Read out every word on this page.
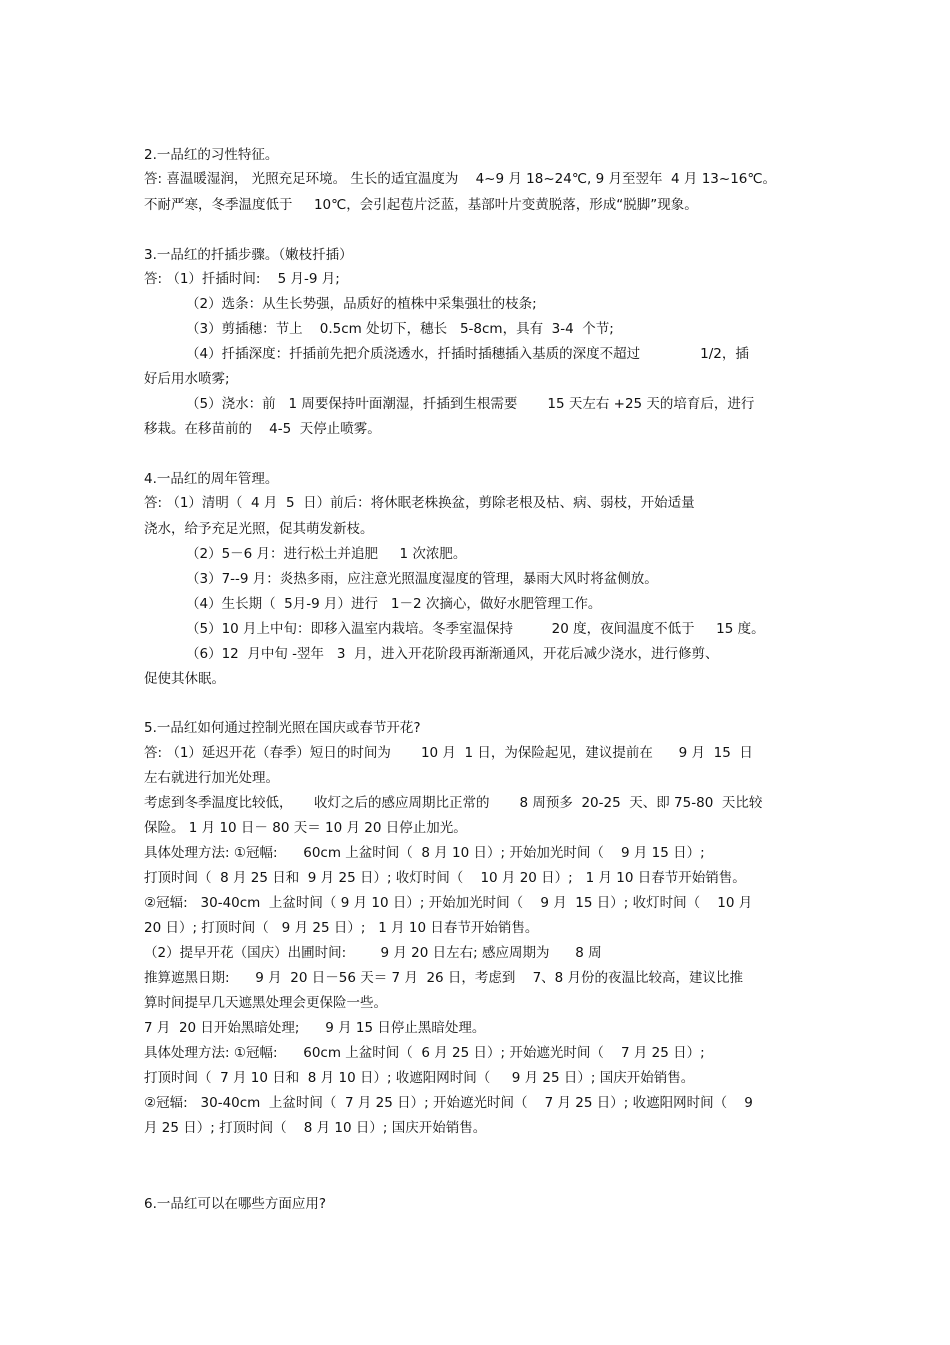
2.一品红的习性特征。
答: 喜温暖湿润， 光照充足环境。 生长的适宜温度为    4~9 月 18~24℃, 9 月至翌年  4 月 13~16℃。
不耐严寒，冬季温度低于     10℃，会引起苞片泛蓝，基部叶片变黄脱落，形成“脱脚”现象。
3.一品红的扦插步骤。（嫩枝扦插）
答: （1）扦插时间:    5 月-9 月;
（2）选条：从生长势强，品质好的植株中采集强壮的枝条;
（3）剪插穗：节上    0.5cm 处切下，穗长   5-8cm，具有  3-4  个节;
（4）扦插深度：扦插前先把介质浇透水，扦插时插穗插入基质的深度不超过              1/2，插
好后用水喷雾;
（5）浇水：前   1 周要保持叶面潮湿，扦插到生根需要       15 天左右 +25 天的培育后，进行
移栽。在移苗前的    4-5  天停止喷雾。
4.一品红的周年管理。
答: （1）清明（  4 月  5  日）前后：将休眠老株换盆，剪除老根及枯、病、弱枝，开始适量
浇水，给予充足光照，促其萌发新枝。
（2）5－6 月：进行松土并追肥     1 次浓肥。
（3）7--9 月：炎热多雨，应注意光照温度湿度的管理，暴雨大风时将盆侧放。
（4）生长期（  5月-9 月）进行   1－2 次摘心，做好水肥管理工作。
（5）10 月上中旬：即移入温室内栽培。冬季室温保持         20 度，夜间温度不低于     15 度。
（6）12  月中旬 -翌年   3  月，进入开花阶段再渐渐通风，开花后减少浇水，进行修剪、
促使其休眠。
5.一品红如何通过控制光照在国庆或春节开花?
答: （1）延迟开花（春季）短日的时间为       10 月  1 日，为保险起见，建议提前在      9 月  15  日
左右就进行加光处理。
考虑到冬季温度比较低，     收灯之后的感应周期比正常的       8 周预多  20-25  天、即 75-80  天比较
保险。 1 月 10 日－ 80 天＝ 10 月 20 日停止加光。
具体处理方法: ①冠幅:      60cm 上盆时间（  8 月 10 日）; 开始加光时间（    9 月 15 日）;
打顶时间（  8 月 25 日和  9 月 25 日）; 收灯时间（    10 月 20 日）;   1 月 10 日春节开始销售。
②冠辐:   30-40cm  上盆时间（ 9 月 10 日）; 开始加光时间（    9 月  15 日）; 收灯时间（    10 月
20 日）; 打顶时间（   9 月 25 日）;   1 月 10 日春节开始销售。
（2）提早开花（国庆）出圃时间:        9 月 20 日左右; 感应周期为      8 周
推算遮黑日期:      9 月  20 日－56 天＝ 7 月  26 日，考虑到    7、8 月份的夜温比较高，建议比推
算时间提早几天遮黑处理会更保险一些。
7 月  20 日开始黑暗处理;      9 月 15 日停止黑暗处理。
具体处理方法: ①冠幅:      60cm 上盆时间（  6 月 25 日）; 开始遮光时间（    7 月 25 日）;
打顶时间（  7 月 10 日和  8 月 10 日）; 收遮阳网时间（     9 月 25 日）; 国庆开始销售。
②冠辐:   30-40cm  上盆时间（  7 月 25 日）; 开始遮光时间（    7 月 25 日）; 收遮阳网时间（    9
月 25 日）; 打顶时间（    8 月 10 日）; 国庆开始销售。
6.一品红可以在哪些方面应用?
